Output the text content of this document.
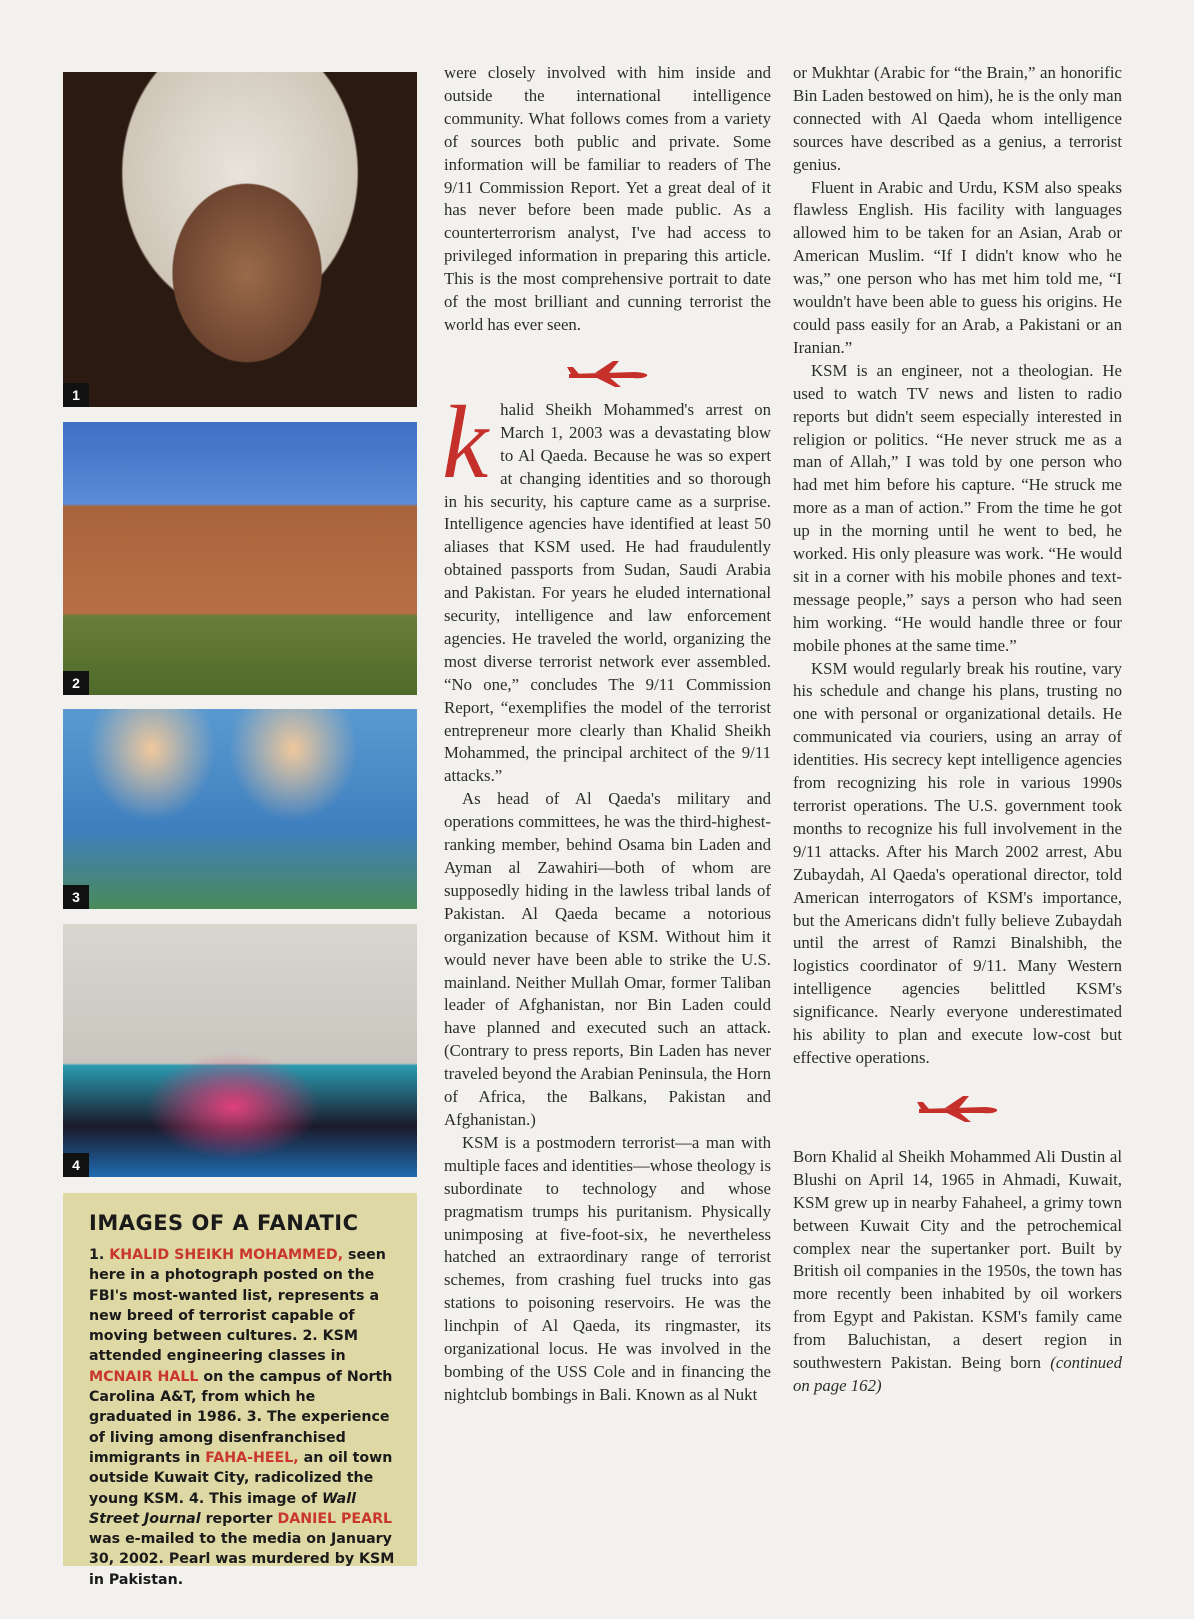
1
2
3
4
IMAGES OF A FANATIC

1. KHALID SHEIKH MOHAMMED, seen here in a photograph posted on the FBI's most-wanted list, represents a new breed of terrorist capable of moving between cultures. 2. KSM attended engineering classes in MCNAIR HALL on the campus of North Carolina A&T, from which he graduated in 1986. 3. The experience of living among disenfranchised immigrants in FAHA-HEEL, an oil town outside Kuwait City, radicolized the young KSM. 4. This image of Wall Street Journal reporter DANIEL PEARL was e-mailed to the media on January 30, 2002. Pearl was murdered by KSM in Pakistan.

were closely involved with him inside and outside the international intelligence community. What follows comes from a variety of sources both public and private. Some information will be familiar to readers of The 9/11 Commission Report. Yet a great deal of it has never before been made public. As a counterterrorism analyst, I've had access to privileged information in preparing this article. This is the most comprehensive portrait to date of the most brilliant and cunning terrorist the world has ever seen.

khalid Sheikh Mohammed's arrest on March 1, 2003 was a devastating blow to Al Qaeda. Because he was so expert at changing identities and so thorough in his security, his capture came as a surprise. Intelligence agencies have identified at least 50 aliases that KSM used. He had fraudulently obtained passports from Sudan, Saudi Arabia and Pakistan. For years he eluded international security, intelligence and law enforcement agencies. He traveled the world, organizing the most diverse terrorist network ever assembled. “No one,” concludes The 9/11 Commission Report, “exemplifies the model of the terrorist entrepreneur more clearly than Khalid Sheikh Mohammed, the principal architect of the 9/11 attacks.”

As head of Al Qaeda's military and operations committees, he was the third-highest-ranking member, behind Osama bin Laden and Ayman al Zawahiri—both of whom are supposedly hiding in the lawless tribal lands of Pakistan. Al Qaeda became a notorious organization because of KSM. Without him it would never have been able to strike the U.S. mainland. Neither Mullah Omar, former Taliban leader of Afghanistan, nor Bin Laden could have planned and executed such an attack. (Contrary to press reports, Bin Laden has never traveled beyond the Arabian Peninsula, the Horn of Africa, the Balkans, Pakistan and Afghanistan.)

KSM is a postmodern terrorist—a man with multiple faces and identities—whose theology is subordinate to technology and whose pragmatism trumps his puritanism. Physically unimposing at five-foot-six, he nevertheless hatched an extraordinary range of terrorist schemes, from crashing fuel trucks into gas stations to poisoning reservoirs. He was the linchpin of Al Qaeda, its ringmaster, its organizational locus. He was involved in the bombing of the USS Cole and in financing the nightclub bombings in Bali. Known as al Nukt

or Mukhtar (Arabic for “the Brain,” an honorific Bin Laden bestowed on him), he is the only man connected with Al Qaeda whom intelligence sources have described as a genius, a terrorist genius.

Fluent in Arabic and Urdu, KSM also speaks flawless English. His facility with languages allowed him to be taken for an Asian, Arab or American Muslim. “If I didn't know who he was,” one person who has met him told me, “I wouldn't have been able to guess his origins. He could pass easily for an Arab, a Pakistani or an Iranian.”

KSM is an engineer, not a theologian. He used to watch TV news and listen to radio reports but didn't seem especially interested in religion or politics. “He never struck me as a man of Allah,” I was told by one person who had met him before his capture. “He struck me more as a man of action.” From the time he got up in the morning until he went to bed, he worked. His only pleasure was work. “He would sit in a corner with his mobile phones and text-message people,” says a person who had seen him working. “He would handle three or four mobile phones at the same time.”

KSM would regularly break his routine, vary his schedule and change his plans, trusting no one with personal or organizational details. He communicated via couriers, using an array of identities. His secrecy kept intelligence agencies from recognizing his role in various 1990s terrorist operations. The U.S. government took months to recognize his full involvement in the 9/11 attacks. After his March 2002 arrest, Abu Zubaydah, Al Qaeda's operational director, told American interrogators of KSM's importance, but the Americans didn't fully believe Zubaydah until the arrest of Ramzi Binalshibh, the logistics coordinator of 9/11. Many Western intelligence agencies belittled KSM's significance. Nearly everyone underestimated his ability to plan and execute low-cost but effective operations.

Born Khalid al Sheikh Mohammed Ali Dustin al Blushi on April 14, 1965 in Ahmadi, Kuwait, KSM grew up in nearby Fahaheel, a grimy town between Kuwait City and the petrochemical complex near the supertanker port. Built by British oil companies in the 1950s, the town has more recently been inhabited by oil workers from Egypt and Pakistan. KSM's family came from Baluchistan, a desert region in southwestern Pakistan. Being born (continued on page 162)
